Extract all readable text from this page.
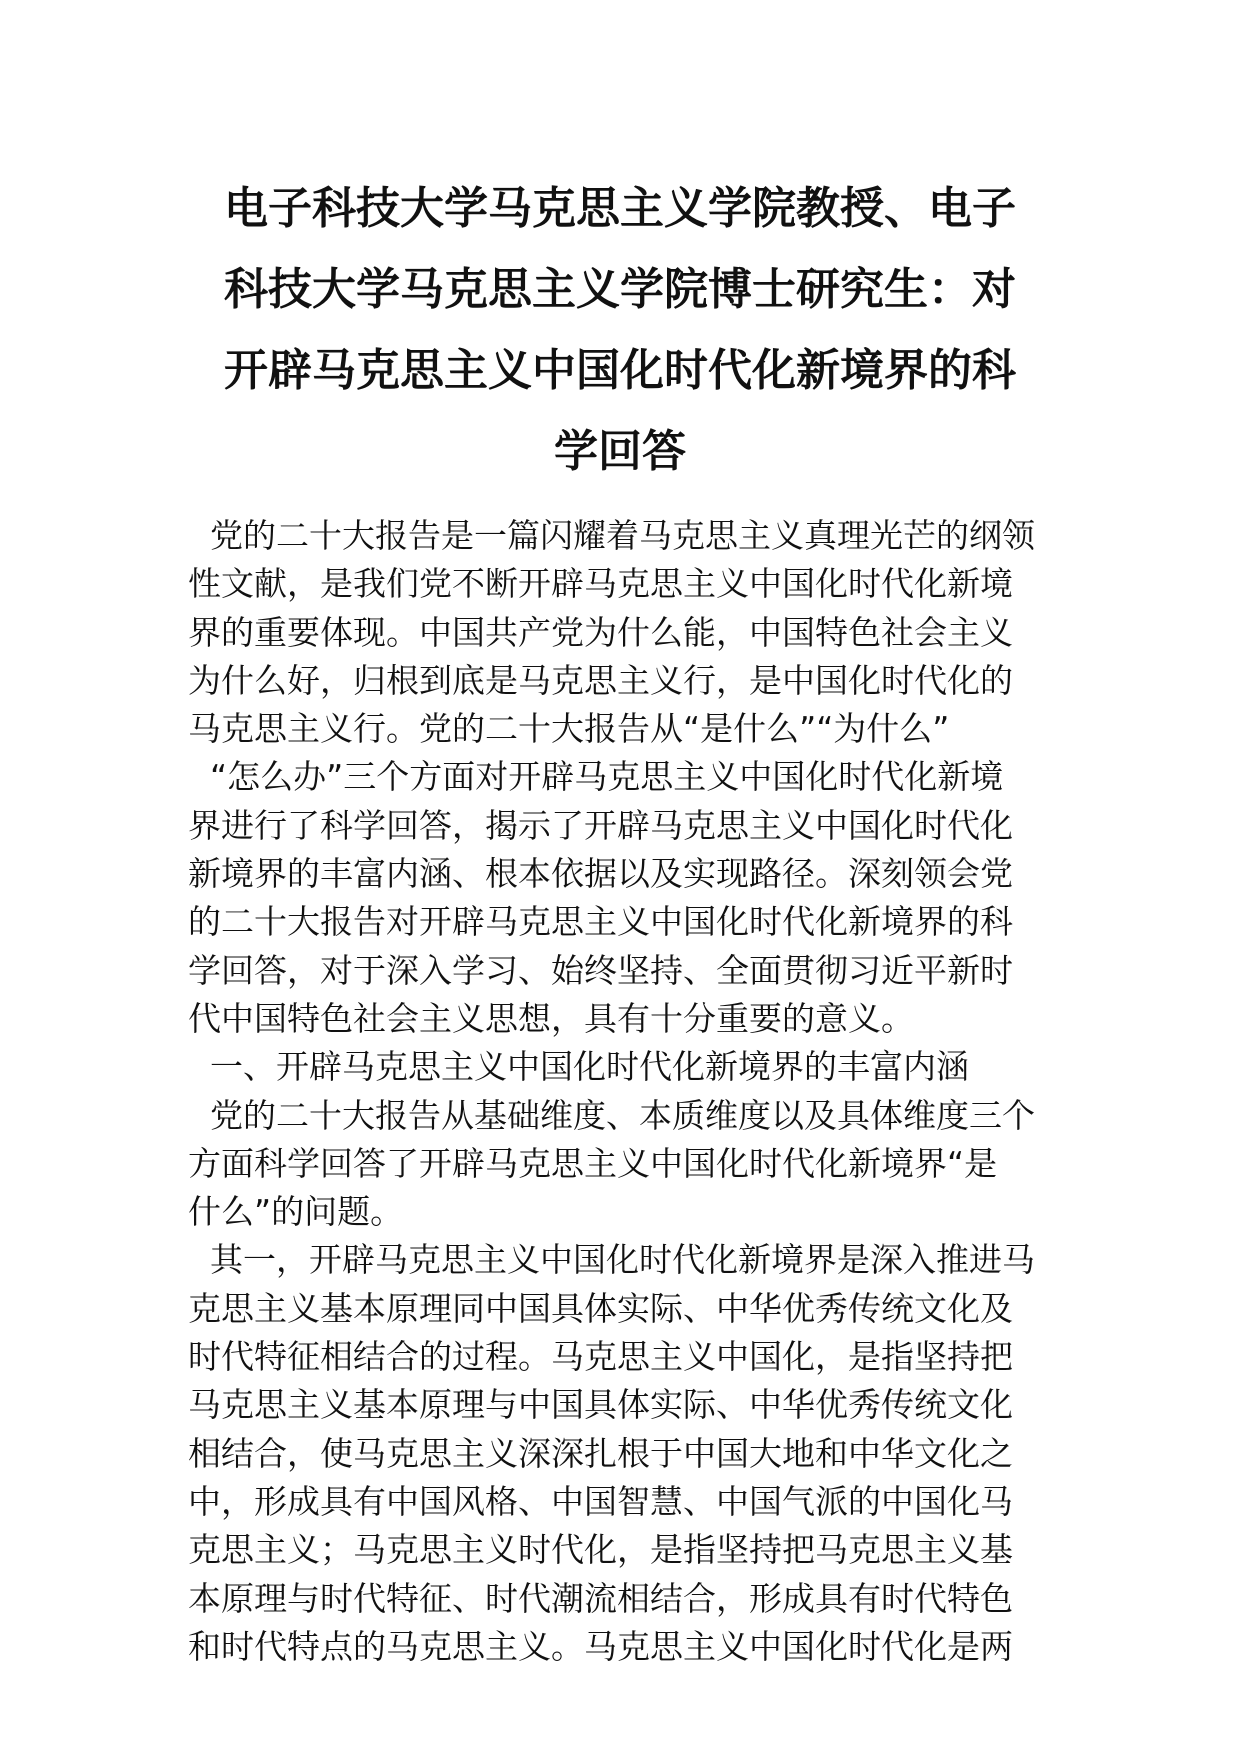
电子科技大学马克思主义学院教授、电子
科技大学马克思主义学院博士研究生：对
开辟马克思主义中国化时代化新境界的科
学回答
党的二十大报告是一篇闪耀着马克思主义真理光芒的纲领
性文献，是我们党不断开辟马克思主义中国化时代化新境
界的重要体现。中国共产党为什么能，中国特色社会主义
为什么好，归根到底是马克思主义行，是中国化时代化的
马克思主义行。党的二十大报告从“是什么”“为什么”
“怎么办”三个方面对开辟马克思主义中国化时代化新境
界进行了科学回答，揭示了开辟马克思主义中国化时代化
新境界的丰富内涵、根本依据以及实现路径。深刻领会党
的二十大报告对开辟马克思主义中国化时代化新境界的科
学回答，对于深入学习、始终坚持、全面贯彻习近平新时
代中国特色社会主义思想，具有十分重要的意义。
一、开辟马克思主义中国化时代化新境界的丰富内涵
党的二十大报告从基础维度、本质维度以及具体维度三个
方面科学回答了开辟马克思主义中国化时代化新境界“是
什么”的问题。
其一，开辟马克思主义中国化时代化新境界是深入推进马
克思主义基本原理同中国具体实际、中华优秀传统文化及
时代特征相结合的过程。马克思主义中国化，是指坚持把
马克思主义基本原理与中国具体实际、中华优秀传统文化
相结合，使马克思主义深深扎根于中国大地和中华文化之
中，形成具有中国风格、中国智慧、中国气派的中国化马
克思主义；马克思主义时代化，是指坚持把马克思主义基
本原理与时代特征、时代潮流相结合，形成具有时代特色
和时代特点的马克思主义。马克思主义中国化时代化是两
